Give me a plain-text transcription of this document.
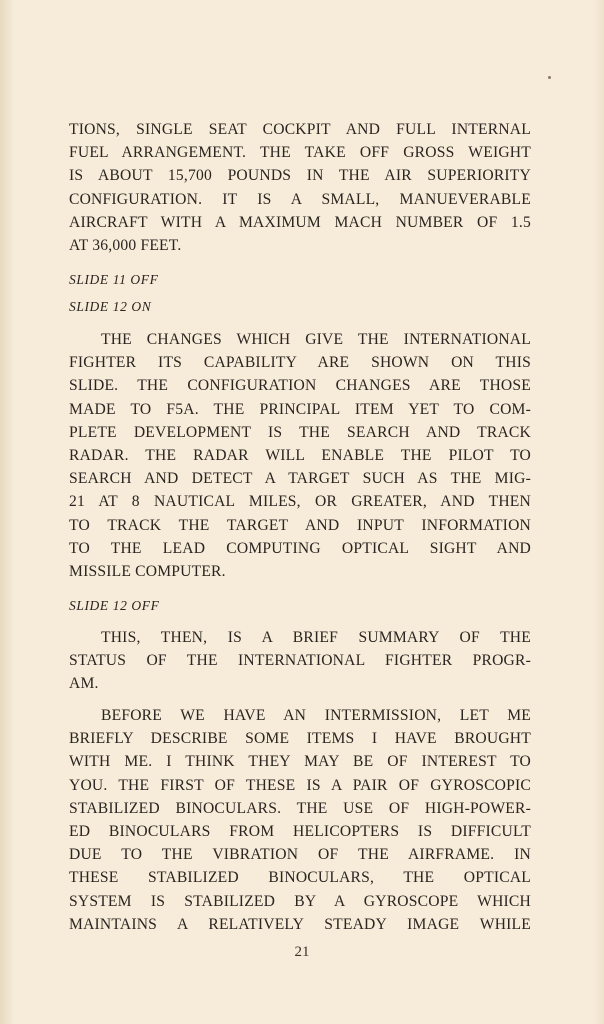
TIONS, SINGLE SEAT COCKPIT AND FULL INTERNAL
FUEL ARRANGEMENT. THE TAKE OFF GROSS WEIGHT
IS ABOUT 15,700 POUNDS IN THE AIR SUPERIORITY
CONFIGURATION. IT IS A SMALL, MANUEVERABLE
AIRCRAFT WITH A MAXIMUM MACH NUMBER OF 1.5
AT 36,000 FEET.
SLIDE 11 OFF
SLIDE 12 ON
THE CHANGES WHICH GIVE THE INTERNATIONAL
FIGHTER ITS CAPABILITY ARE SHOWN ON THIS
SLIDE. THE CONFIGURATION CHANGES ARE THOSE
MADE TO F5A. THE PRINCIPAL ITEM YET TO COM-
PLETE DEVELOPMENT IS THE SEARCH AND TRACK
RADAR. THE RADAR WILL ENABLE THE PILOT TO
SEARCH AND DETECT A TARGET SUCH AS THE MIG-
21 AT 8 NAUTICAL MILES, OR GREATER, AND THEN
TO TRACK THE TARGET AND INPUT INFORMATION
TO THE LEAD COMPUTING OPTICAL SIGHT AND
MISSILE COMPUTER.
SLIDE 12 OFF
THIS, THEN, IS A BRIEF SUMMARY OF THE
STATUS OF THE INTERNATIONAL FIGHTER PROGR-
AM.
BEFORE WE HAVE AN INTERMISSION, LET ME
BRIEFLY DESCRIBE SOME ITEMS I HAVE BROUGHT
WITH ME. I THINK THEY MAY BE OF INTEREST TO
YOU. THE FIRST OF THESE IS A PAIR OF GYROSCOPIC
STABILIZED BINOCULARS. THE USE OF HIGH-POWER-
ED BINOCULARS FROM HELICOPTERS IS DIFFICULT
DUE TO THE VIBRATION OF THE AIRFRAME. IN
THESE STABILIZED BINOCULARS, THE OPTICAL
SYSTEM IS STABILIZED BY A GYROSCOPE WHICH
MAINTAINS A RELATIVELY STEADY IMAGE WHILE
21
